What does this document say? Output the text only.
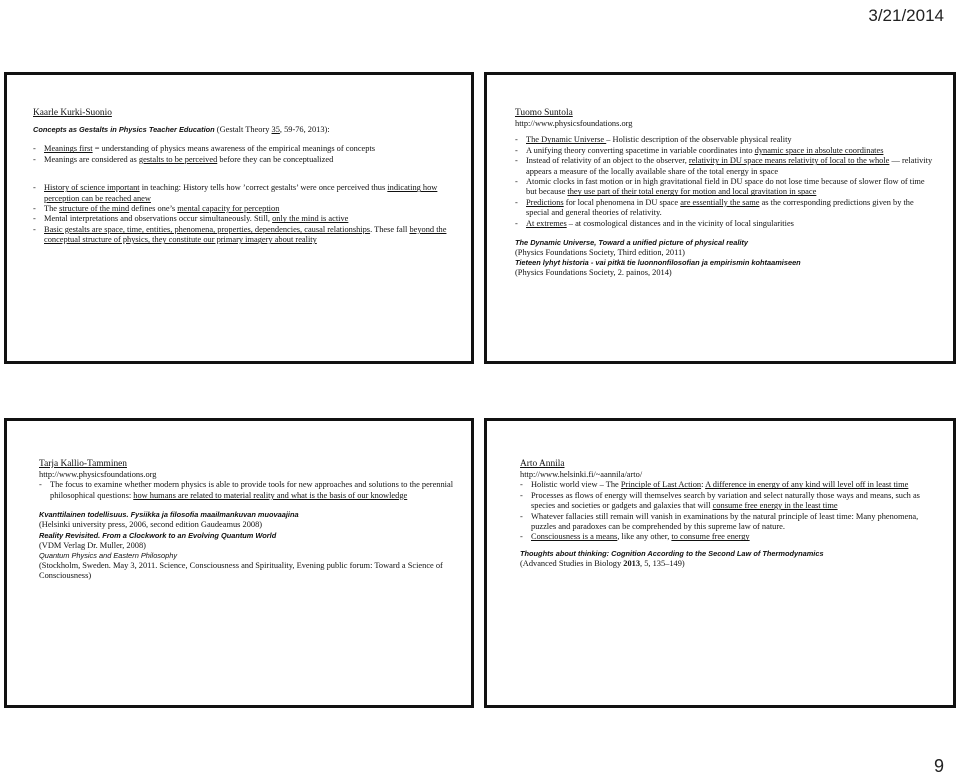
3/21/2014
Kaarle Kurki-Suonio
Concepts as Gestalts in Physics Teacher Education (Gestalt Theory 35, 59-76, 2013):
- Meanings first = understanding of physics means awareness of the empirical meanings of concepts
- Meanings are considered as gestalts to be perceived before they can be conceptualized
- History of science important in teaching: History tells how ’correct gestalts’ were once perceived thus indicating how perception can be reached anew
- The structure of the mind defines one’s mental capacity for perception
- Mental interpretations and observations occur simultaneously. Still, only the mind is active
- Basic gestalts are space, time, entities, phenomena, properties, dependencies, causal relationships. These fall beyond the conceptual structure of physics, they constitute our primary imagery about reality
Tuomo Suntola
http://www.physicsfoundations.org
- The Dynamic Universe – Holistic description of the observable physical reality
- A unifying theory converting spacetime in variable coordinates into dynamic space in absolute coordinates
- Instead of relativity of an object to the observer, relativity in DU space means relativity of local to the whole — relativity appears a measure of the locally available share of the total energy in space
- Atomic clocks in fast motion or in high gravitational field in DU space do not lose time because of slower flow of time but because they use part of their total energy for motion and local gravitation in space
- Predictions for local phenomena in DU space are essentially the same as the corresponding predictions given by the special and general theories of relativity.
- At extremes – at cosmological distances and in the vicinity of local singularities
The Dynamic Universe, Toward a unified picture of physical reality
(Physics Foundations Society, Third edition, 2011)
Tieteen lyhyt historia - vai pitkä tie luonnonfilosofian ja empirismin kohtaamiseen
(Physics Foundations Society, 2. painos, 2014)
Tarja Kallio-Tamminen
http://www.physicsfoundations.org
- The focus to examine whether modern physics is able to provide tools for new approaches and solutions to the perennial philosophical questions: how humans are related to material reality and what is the basis of our knowledge
Kvanttilainen todellisuus. Fysiikka ja filosofia maailmankuvan muovaajina
(Helsinki university press, 2006, second edition Gaudeamus 2008)
Reality Revisited. From a Clockwork to an Evolving Quantum World
(VDM Verlag Dr. Muller, 2008)
Quantum Physics and Eastern Philosophy
(Stockholm, Sweden. May 3, 2011. Science, Consciousness and Spirituality, Evening public forum: Toward a Science of Consciousness)
Arto Annila
http://www.helsinki.fi/~aannila/arto/
- Holistic world view – The Principle of Last Action: A difference in energy of any kind will level off in least time
- Processes as flows of energy will themselves search by variation and select naturally those ways and means, such as species and societies or gadgets and galaxies that will consume free energy in the least time
- Whatever fallacies still remain will vanish in examinations by the natural principle of least time: Many phenomena, puzzles and paradoxes can be comprehended by this supreme law of nature.
- Consciousness is a means, like any other, to consume free energy
Thoughts about thinking: Cognition According to the Second Law of Thermodynamics
(Advanced Studies in Biology 2013, 5, 135–149)
9
